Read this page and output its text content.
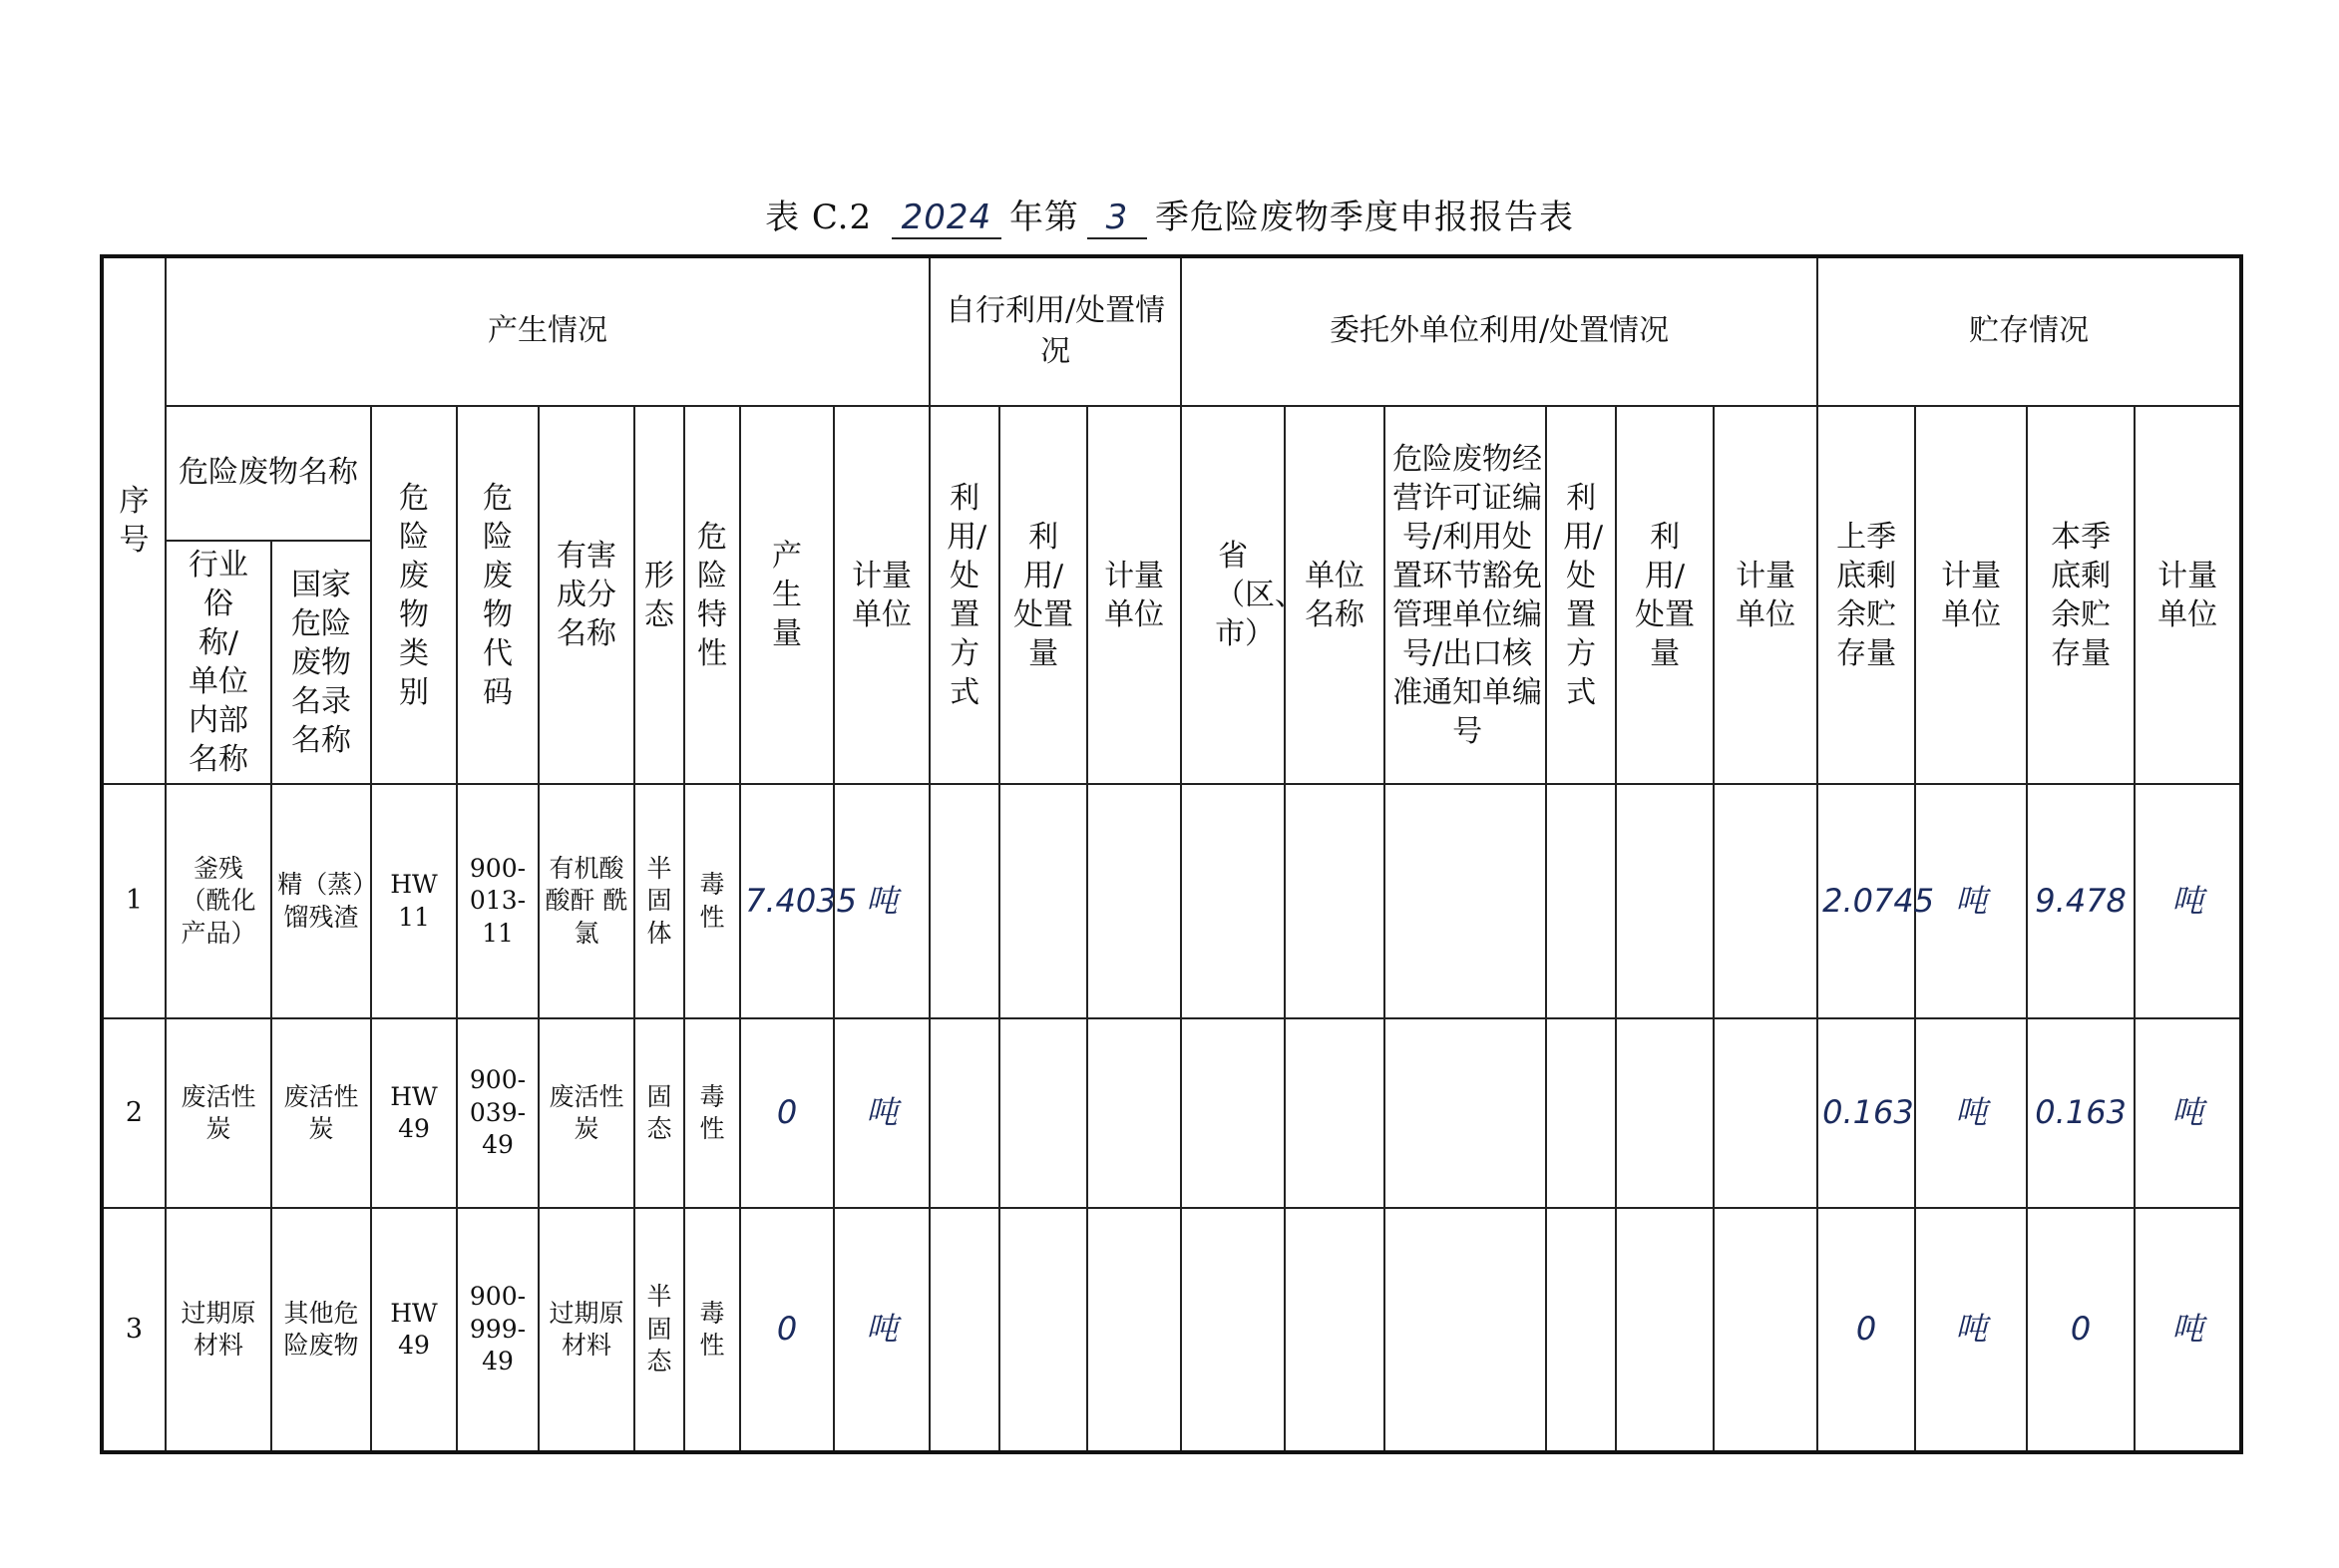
表 C.2 2024 年第 3 季危险废物季度申报报告表
序号	产生情况									自行利用/处置情况			委托外单位利用/处置情况						贮存情况			
	危险废物名称		危险废物类别	危险废物代码	有害成分名称	形态	危险特性	产生量	计量单位	利用/处置方式	利用/处置量	计量单位	省（区、市）	单位名称	危险废物经营许可证编号/利用处置环节豁免管理单位编号/出口核准通知单编号	利用/处置方式	利用/处置量	计量单位	上季底剩余贮存量	计量单位	本季底剩余贮存量	计量单位

	行业俗称/单位内部名称	国家危险废物名录名称																				

1	釜残（酰化产品）	精（蒸）馏残渣	HW11	900-013-11	有机酸 酸酐 酰氯	半固体	毒性	7.4035	吨										2.0745	吨	9.478	吨
2	废活性炭	废活性炭	HW49	900-039-49	废活性炭	固态	毒性	0	吨										0.163	吨	0.163	吨
3	过期原材料	其他危险废物	HW49	900-999-49	过期原材料	半固态	毒性	0	吨										0	吨	0	吨
